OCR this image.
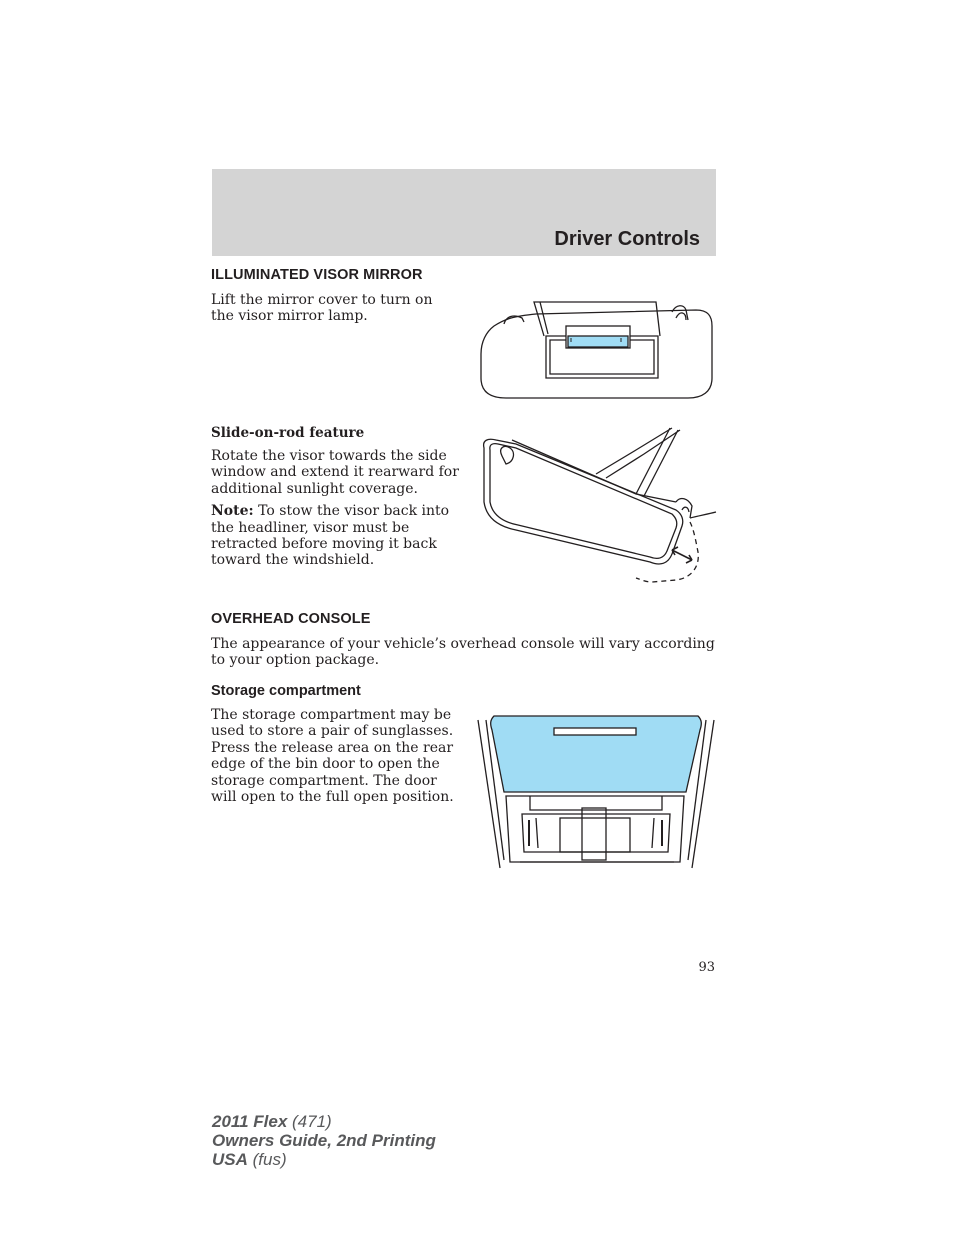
Driver Controls
ILLUMINATED VISOR MIRROR

Lift the mirror cover to turn on the visor mirror lamp.

Slide-on-rod feature

Rotate the visor towards the side window and extend it rearward for additional sunlight coverage.

Note: To stow the visor back into the headliner, visor must be retracted before moving it back toward the windshield.

OVERHEAD CONSOLE

The appearance of your vehicle’s overhead console will vary according to your option package.

Storage compartment

The storage compartment may be used to store a pair of sunglasses. Press the release area on the rear edge of the bin door to open the storage compartment. The door will open to the full open position.

93
2011 Flex (471)
Owners Guide, 2nd Printing
USA (fus)
